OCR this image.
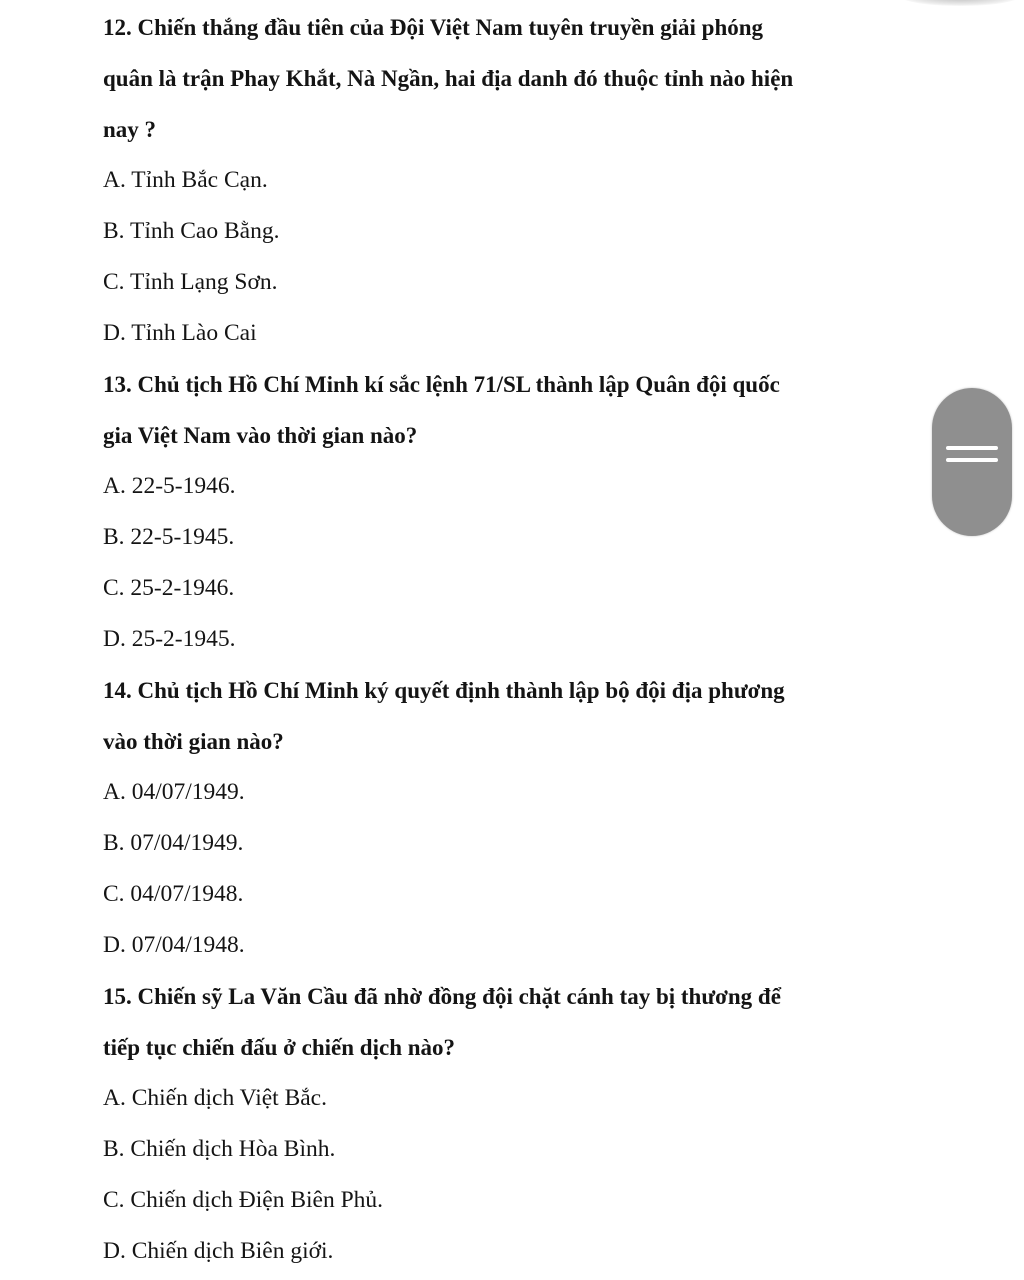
12. Chiến thắng đầu tiên của Đội Việt Nam tuyên truyền giải phóng
quân là trận Phay Khắt, Nà Ngần, hai địa danh đó thuộc tỉnh nào hiện
nay ?
A. Tỉnh Bắc Cạn.
B. Tỉnh Cao Bằng.
C. Tỉnh Lạng Sơn.
D. Tỉnh Lào Cai
13. Chủ tịch Hồ Chí Minh kí sắc lệnh 71/SL thành lập Quân đội quốc
gia Việt Nam vào thời gian nào?
A. 22-5-1946.
B. 22-5-1945.
C. 25-2-1946.
D. 25-2-1945.
14. Chủ tịch Hồ Chí Minh ký quyết định thành lập bộ đội địa phương
vào thời gian nào?
A. 04/07/1949.
B. 07/04/1949.
C. 04/07/1948.
D. 07/04/1948.
15. Chiến sỹ La Văn Cầu đã nhờ đồng đội chặt cánh tay bị thương để
tiếp tục chiến đấu ở chiến dịch nào?
A. Chiến dịch Việt Bắc.
B. Chiến dịch Hòa Bình.
C. Chiến dịch Điện Biên Phủ.
D. Chiến dịch Biên giới.
